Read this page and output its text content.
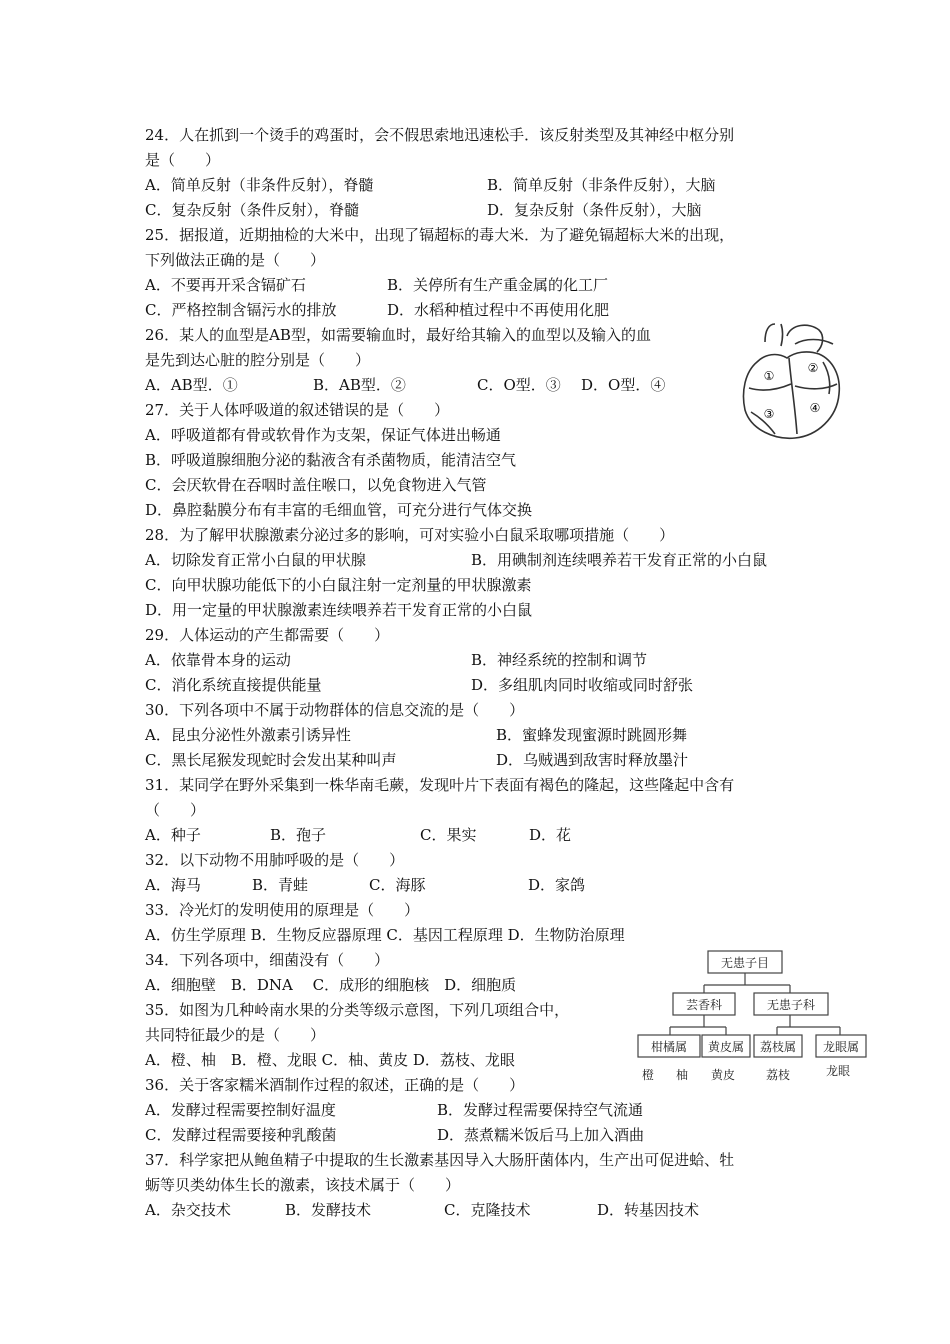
24．人在抓到一个烫手的鸡蛋时，会不假思索地迅速松手．该反射类型及其神经中枢分别
是（　　）
A．简单反射（非条件反射），脊髓	B．简单反射（非条件反射），大脑
C．复杂反射（条件反射），脊髓	D．复杂反射（条件反射），大脑
25．据报道，近期抽检的大米中，出现了镉超标的毒大米．为了避免镉超标大米的出现，
下列做法正确的是（　　）
A．不要再开采含镉矿石	B．关停所有生产重金属的化工厂
C．严格控制含镉污水的排放	D．水稻种植过程中不再使用化肥
26．某人的血型是AB型，如需要输血时，最好给其输入的血型以及输入的血
是先到达心脏的腔分别是（　　）
A．AB型．①	B．AB型．②	C．O型．③ D．O型．④	①
②
③	④
27．关于人体呼吸道的叙述错误的是（　　）
A．呼吸道都有骨或软骨作为支架，保证气体进出畅通
B．呼吸道腺细胞分泌的黏液含有杀菌物质，能清洁空气
C．会厌软骨在吞咽时盖住喉口，以免食物进入气管
D．鼻腔黏膜分布有丰富的毛细血管，可充分进行气体交换
28．为了解甲状腺激素分泌过多的影响，可对实验小白鼠采取哪项措施（　　）
A．切除发育正常小白鼠的甲状腺	B．用碘制剂连续喂养若干发育正常的小白鼠
C．向甲状腺功能低下的小白鼠注射一定剂量的甲状腺激素
D．用一定量的甲状腺激素连续喂养若干发育正常的小白鼠
29．人体运动的产生都需要（　　）
A．依靠骨本身的运动	B．神经系统的控制和调节
C．消化系统直接提供能量	D．多组肌肉同时收缩或同时舒张
30．下列各项中不属于动物群体的信息交流的是（　　）
A．昆虫分泌性外激素引诱异性	B．蜜蜂发现蜜源时跳圆形舞
C．黑长尾猴发现蛇时会发出某种叫声	D．乌贼遇到敌害时释放墨汁
31．某同学在野外采集到一株华南毛蕨，发现叶片下表面有褐色的隆起，这些隆起中含有
（　　）
A．种子	B．孢子	C．果实	D．花
32．以下动物不用肺呼吸的是（　　）
A．海马	B．青蛙	C．海豚	D．家鸽
33．冷光灯的发明使用的原理是（　　）
A．仿生学原理 B．生物反应器原理 C．基因工程原理 D．生物防治原理
34．下列各项中，细菌没有（　　）
A．细胞壁　B．DNA　 C．成形的细胞核　D．细胞质
35．如图为几种岭南水果的分类等级示意图，下列几项组合中，
共同特征最少的是（　　）
A．橙、柚　B．橙、龙眼 C．柚、黄皮 D．荔枝、龙眼
无患子目
芸香科	无患子科
柑橘属 黄皮属 荔枝属 龙眼属
橙 柚 黄皮	荔枝	龙眼
36．关于客家糯米酒制作过程的叙述，正确的是（　　）
A．发酵过程需要控制好温度	B．发酵过程需要保持空气流通
C．发酵过程需要接种乳酸菌	D．蒸煮糯米饭后马上加入酒曲
37．科学家把从鲍鱼精子中提取的生长激素基因导入大肠肝菌体内，生产出可促进蛤、牡
蛎等贝类幼体生长的激素，该技术属于（　　）
A．杂交技术	B．发酵技术	C．克隆技术	D．转基因技术
